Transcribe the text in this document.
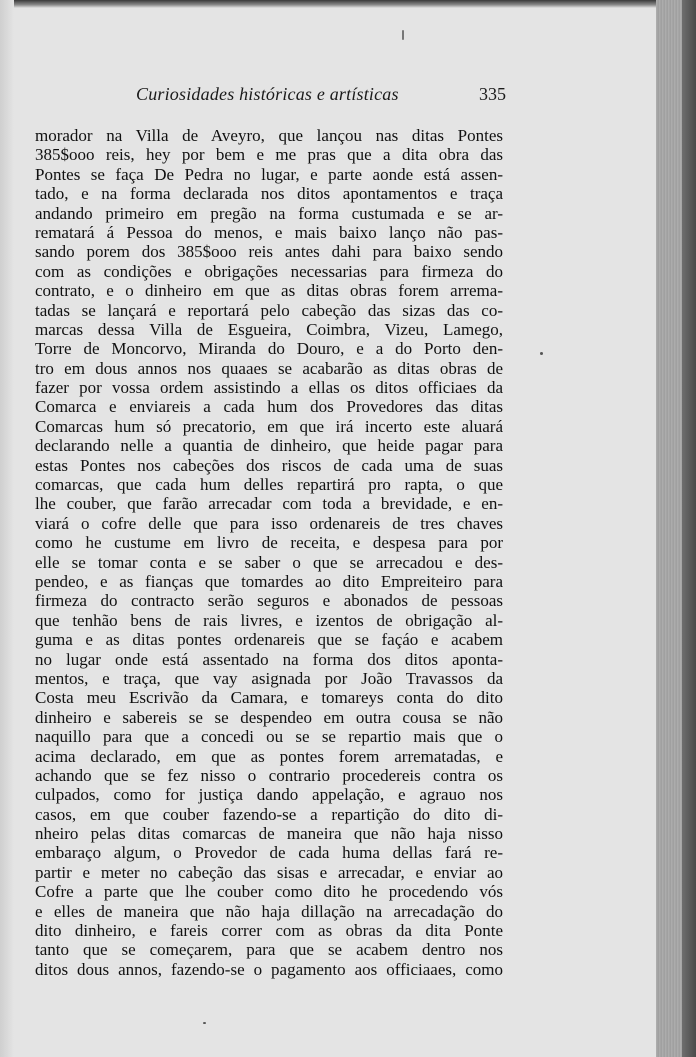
Curiosidades históricas e artísticas	335
morador na Villa de Aveyro, que lançou nas ditas Pontes
385$ooo reis, hey por bem e me pras que a dita obra das
Pontes se faça De Pedra no lugar, e parte aonde está assen-
tado, e na forma declarada nos ditos apontamentos e traça
andando primeiro em pregão na forma custumada e se ar-
rematará á Pessoa do menos, e mais baixo lanço não pas-
sando porem dos 385$ooo reis antes dahi para baixo sendo
com as condições e obrigações necessarias para firmeza do
contrato, e o dinheiro em que as ditas obras forem arrema-
tadas se lançará e reportará pelo cabeção das sizas das co-
marcas dessa Villa de Esgueira, Coimbra, Vizeu, Lamego,
Torre de Moncorvo, Miranda do Douro, e a do Porto den-
tro em dous annos nos quaaes se acabarão as ditas obras de
fazer por vossa ordem assistindo a ellas os ditos officiaes da
Comarca e enviareis a cada hum dos Provedores das ditas
Comarcas hum só precatorio, em que irá incerto este aluará
declarando nelle a quantia de dinheiro, que heide pagar para
estas Pontes nos cabeções dos riscos de cada uma de suas
comarcas, que cada hum delles repartirá pro rapta, o que
lhe couber, que farão arrecadar com toda a brevidade, e en-
viará o cofre delle que para isso ordenareis de tres chaves
como he custume em livro de receita, e despesa para por
elle se tomar conta e se saber o que se arrecadou e des-
pendeo, e as fianças que tomardes ao dito Empreiteiro para
firmeza do contracto serão seguros e abonados de pessoas
que tenhão bens de rais livres, e izentos de obrigação al-
guma e as ditas pontes ordenareis que se façáo e acabem
no lugar onde está assentado na forma dos ditos aponta-
mentos, e traça, que vay asignada por João Travassos da
Costa meu Escrivão da Camara, e tomareys conta do dito
dinheiro e sabereis se se despendeo em outra cousa se não
naquillo para que a concedi ou se se repartio mais que o
acima declarado, em que as pontes forem arrematadas, e
achando que se fez nisso o contrario procedereis contra os
culpados, como for justiça dando appelação, e agrauo nos
casos, em que couber fazendo-se a repartição do dito di-
nheiro pelas ditas comarcas de maneira que não haja nisso
embaraço algum, o Provedor de cada huma dellas fará re-
partir e meter no cabeção das sisas e arrecadar, e enviar ao
Cofre a parte que lhe couber como dito he procedendo vós
e elles de maneira que não haja dillação na arrecadação do
dito dinheiro, e fareis correr com as obras da dita Ponte
tanto que se começarem, para que se acabem dentro nos
ditos dous annos, fazendo-se o pagamento aos officiaaes, como
